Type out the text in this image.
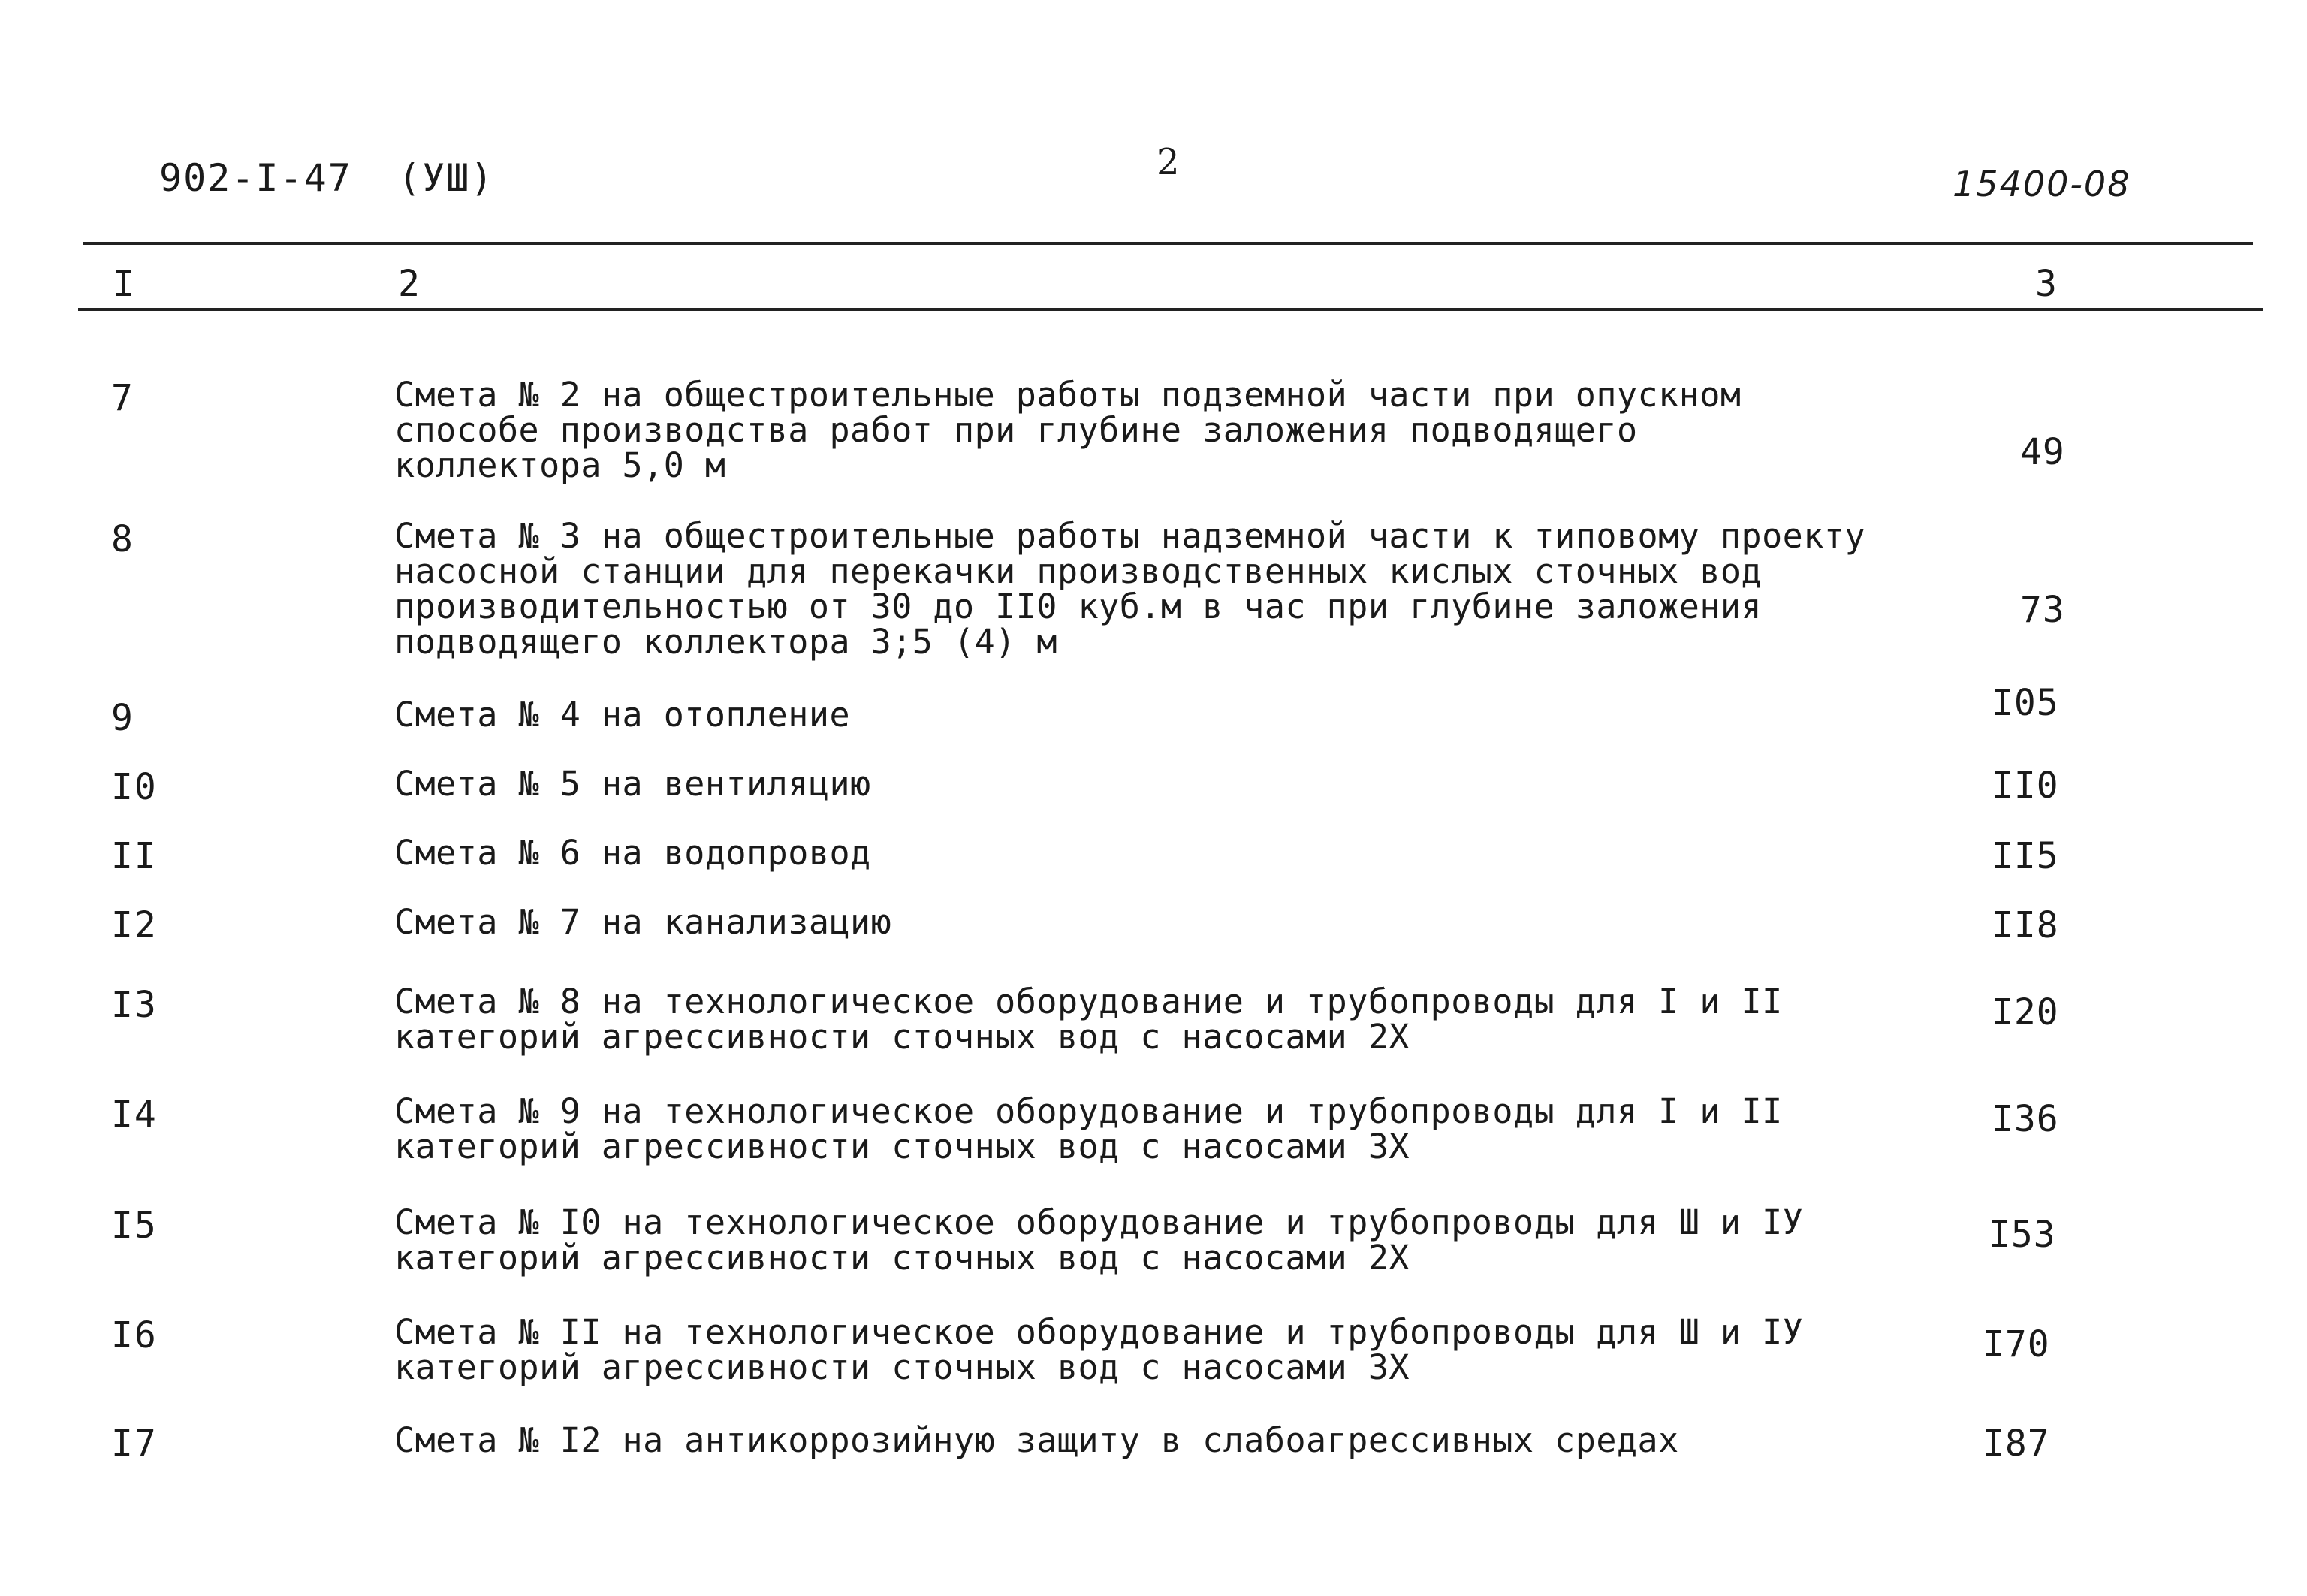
902-I-47 (УШ)	2
15400-08
I	2	3
7	Смета № 2 на общестроительные работы подземной части при опускном
способе производства работ при глубине заложения подводящего
коллектора 5,0 м	49
8	Смета № 3 на общестроительные работы надземной части к типовому проекту
насосной станции для перекачки производственных кислых сточных вод
производительностью от 30 до II0 куб.м в час при глубине заложения
подводящего коллектора 3;5 (4) м
73
9	Смета № 4 на отопление	I05
I0	Смета № 5 на вентиляцию	II0
II	Смета № 6 на водопровод	II5
I2	Смета № 7 на канализацию	II8
I3	Смета № 8 на технологическое оборудование и трубопроводы для I и II
категорий агрессивности сточных вод с насосами 2Х
I20
I4	Смета № 9 на технологическое оборудование и трубопроводы для I и II
категорий агрессивности сточных вод с насосами 3Х
I36
I5	Смета № I0 на технологическое оборудование и трубопроводы для Ш и IУ
категорий агрессивности сточных вод с насосами 2Х
I53
I6	Смета № II на технологическое оборудование и трубопроводы для Ш и IУ
категорий агрессивности сточных вод с насосами 3Х
I70
I7	Смета № I2 на антикоррозийную защиту в слабоагрессивных средах	I87
